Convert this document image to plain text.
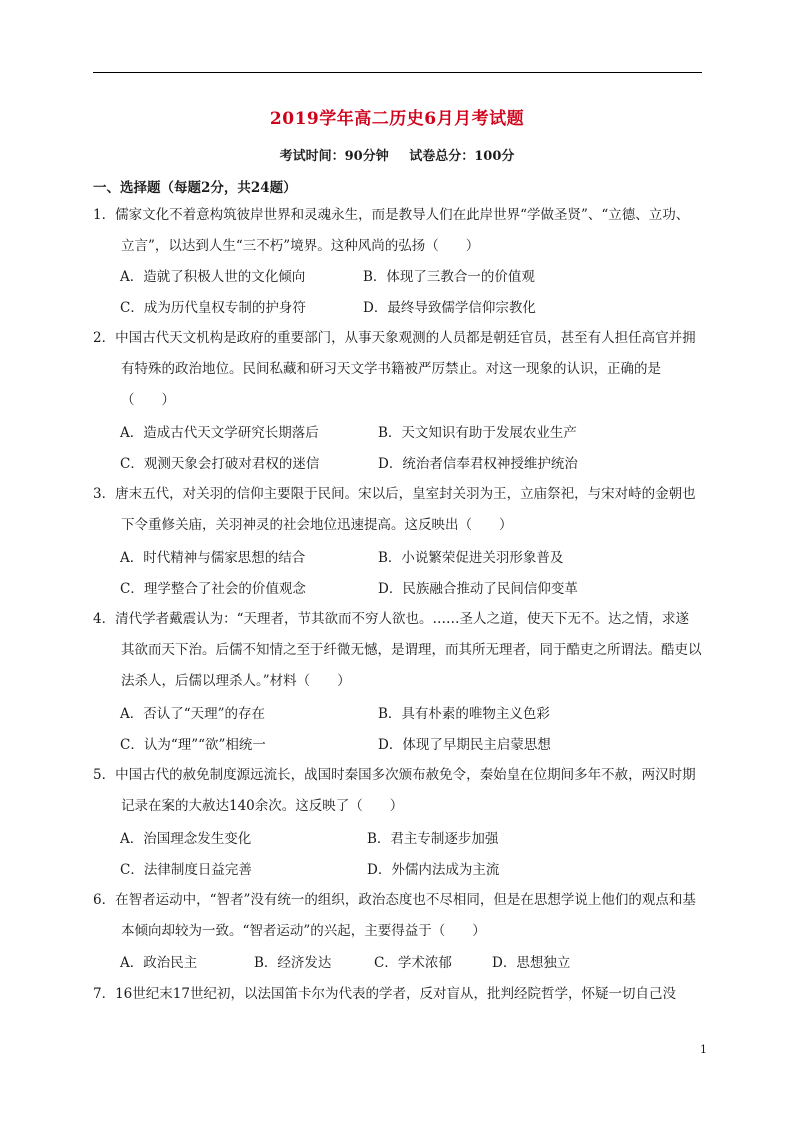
2019学年高二历史6月月考试题
考试时间：90分钟 试卷总分：100分
一、选择题（每题2分，共24题）
1．儒家文化不着意构筑彼岸世界和灵魂永生，而是教导人们在此岸世界“学做圣贤”、“立德、立功、立言”，以达到人生“三不朽”境界。这种风尚的弘扬（　　）
A．造就了积极人世的文化倾向	B．体现了三教合一的价值观
C．成为历代皇权专制的护身符	D．最终导致儒学信仰宗教化
2．中国古代天文机构是政府的重要部门，从事天象观测的人员都是朝廷官员，甚至有人担任高官并拥有特殊的政治地位。民间私藏和研习天文学书籍被严厉禁止。对这一现象的认识，正确的是（　　）
A．造成古代天文学研究长期落后	B．天文知识有助于发展农业生产
C．观测天象会打破对君权的迷信	D．统治者信奉君权神授维护统治
3．唐末五代，对关羽的信仰主要限于民间。宋以后，皇室封关羽为王，立庙祭祀，与宋对峙的金朝也下令重修关庙，关羽神灵的社会地位迅速提高。这反映出（　　）
A．时代精神与儒家思想的结合	B．小说繁荣促进关羽形象普及
C．理学整合了社会的价值观念	D．民族融合推动了民间信仰变革
4．清代学者戴震认为：“天理者，节其欲而不穷人欲也。……圣人之道，使天下无不。达之情，求遂其欲而天下治。后儒不知情之至于纤微无憾，是谓理，而其所无理者，同于酷吏之所谓法。酷吏以法杀人，后儒以理杀人。”材料（　　）
A．否认了“天理”的存在	B．具有朴素的唯物主义色彩
C．认为“理”“欲”相统一	D．体现了早期民主启蒙思想
5．中国古代的赦免制度源远流长，战国时秦国多次颁布赦免令，秦始皇在位期间多年不赦，两汉时期记录在案的大赦达140余次。这反映了（　　）
A．治国理念发生变化	B．君主专制逐步加强
C．法律制度日益完善	D．外儒内法成为主流
6．在智者运动中，“智者”没有统一的组织，政治态度也不尽相同，但是在思想学说上他们的观点和基本倾向却较为一致。“智者运动”的兴起，主要得益于（　　）
A．政治民主	B．经济发达	C．学术浓郁	D．思想独立
7．16世纪末17世纪初，以法国笛卡尔为代表的学者，反对盲从，批判经院哲学，怀疑一切自己没
1
